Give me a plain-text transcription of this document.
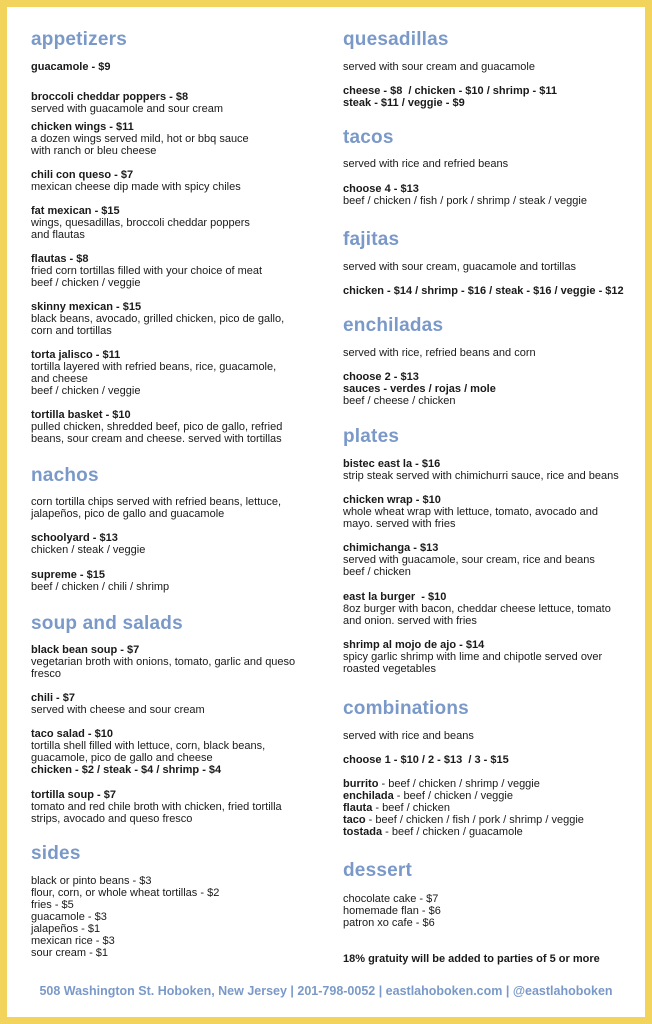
appetizers
guacamole - $9
broccoli cheddar poppers - $8
served with guacamole and sour cream
chicken wings - $11
a dozen wings served mild, hot or bbq sauce
with ranch or bleu cheese
chili con queso - $7
mexican cheese dip made with spicy chiles
fat mexican - $15
wings, quesadillas, broccoli cheddar poppers
and flautas
flautas - $8
fried corn tortillas filled with your choice of meat
beef / chicken / veggie
skinny mexican - $15
black beans, avocado, grilled chicken, pico de gallo,
corn and tortillas
torta jalisco - $11
tortilla layered with refried beans, rice, guacamole,
and cheese
beef / chicken / veggie
tortilla basket - $10
pulled chicken, shredded beef, pico de gallo, refried
beans, sour cream and cheese. served with tortillas
nachos
corn tortilla chips served with refried beans, lettuce,
jalapeños, pico de gallo and guacamole
schoolyard - $13
chicken / steak / veggie
supreme - $15
beef / chicken / chili / shrimp
soup and salads
black bean soup - $7
vegetarian broth with onions, tomato, garlic and queso
fresco
chili - $7
served with cheese and sour cream
taco salad - $10
tortilla shell filled with lettuce, corn, black beans,
guacamole, pico de gallo and cheese
chicken - $2 / steak - $4 / shrimp - $4
tortilla soup - $7
tomato and red chile broth with chicken, fried tortilla
strips, avocado and queso fresco
sides
black or pinto beans - $3
flour, corn, or whole wheat tortillas - $2
fries - $5
guacamole - $3
jalapeños - $1
mexican rice - $3
sour cream - $1
quesadillas
served with sour cream and guacamole
cheese - $8  / chicken - $10 / shrimp - $11
steak - $11 / veggie - $9
tacos
served with rice and refried beans
choose 4 - $13
beef / chicken / fish / pork / shrimp / steak / veggie
fajitas
served with sour cream, guacamole and tortillas
chicken - $14 / shrimp - $16 / steak - $16 / veggie - $12
enchiladas
served with rice, refried beans and corn
choose 2 - $13
sauces - verdes / rojas / mole
beef / cheese / chicken
plates
bistec east la - $16
strip steak served with chimichurri sauce, rice and beans
chicken wrap - $10
whole wheat wrap with lettuce, tomato, avocado and
mayo. served with fries
chimichanga - $13
served with guacamole, sour cream, rice and beans
beef / chicken
east la burger  - $10
8oz burger with bacon, cheddar cheese lettuce, tomato
and onion. served with fries
shrimp al mojo de ajo - $14
spicy garlic shrimp with lime and chipotle served over
roasted vegetables
combinations
served with rice and beans
choose 1 - $10 / 2 - $13  / 3 - $15
burrito - beef / chicken / shrimp / veggie
enchilada - beef / chicken / veggie
flauta - beef / chicken
taco - beef / chicken / fish / pork / shrimp / veggie
tostada - beef / chicken / guacamole
dessert
chocolate cake - $7
homemade flan - $6
patron xo cafe - $6
18% gratuity will be added to parties of 5 or more
508 Washington St. Hoboken, New Jersey | 201-798-0052 | eastlahoboken.com | @eastlahoboken
